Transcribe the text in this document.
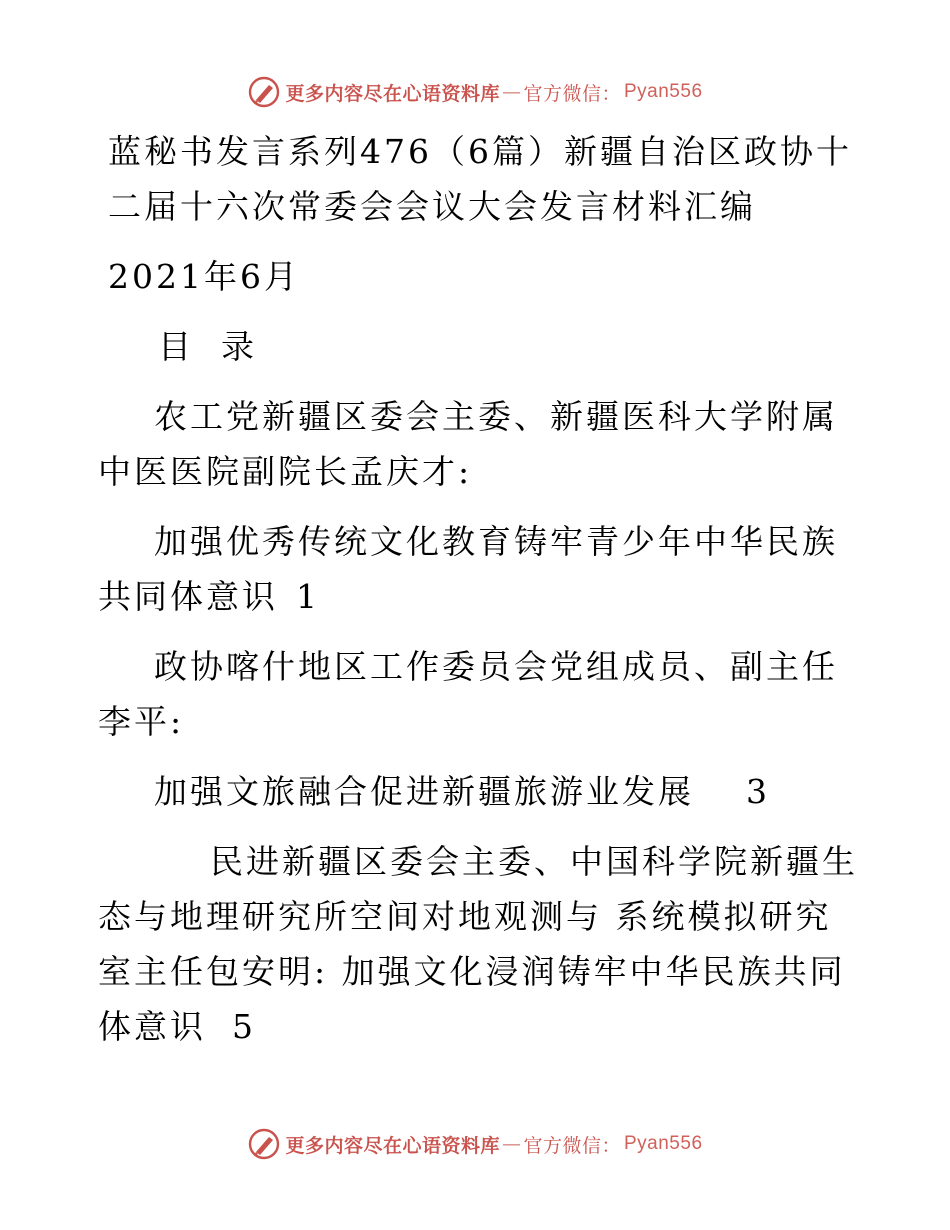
更多内容尽在心语资料库 — 官方微信： Pyan556

蓝秘书发言系列476（6篇）新疆自治区政协十二届十六次常委会会议大会发言材料汇编

2021年6月

目  录

农工党新疆区委会主委、新疆医科大学附属中医医院副院长孟庆才:

加强优秀传统文化教育铸牢青少年中华民族共同体意识 1

政协喀什地区工作委员会党组成员、副主任李平:

加强文旅融合促进新疆旅游业发展 3

民进新疆区委会主委、中国科学院新疆生态与地理研究所空间对地观测与 系统模拟研究室主任包安明: 加强文化浸润铸牢中华民族共同体意识 5

更多内容尽在心语资料库 — 官方微信： Pyan556
